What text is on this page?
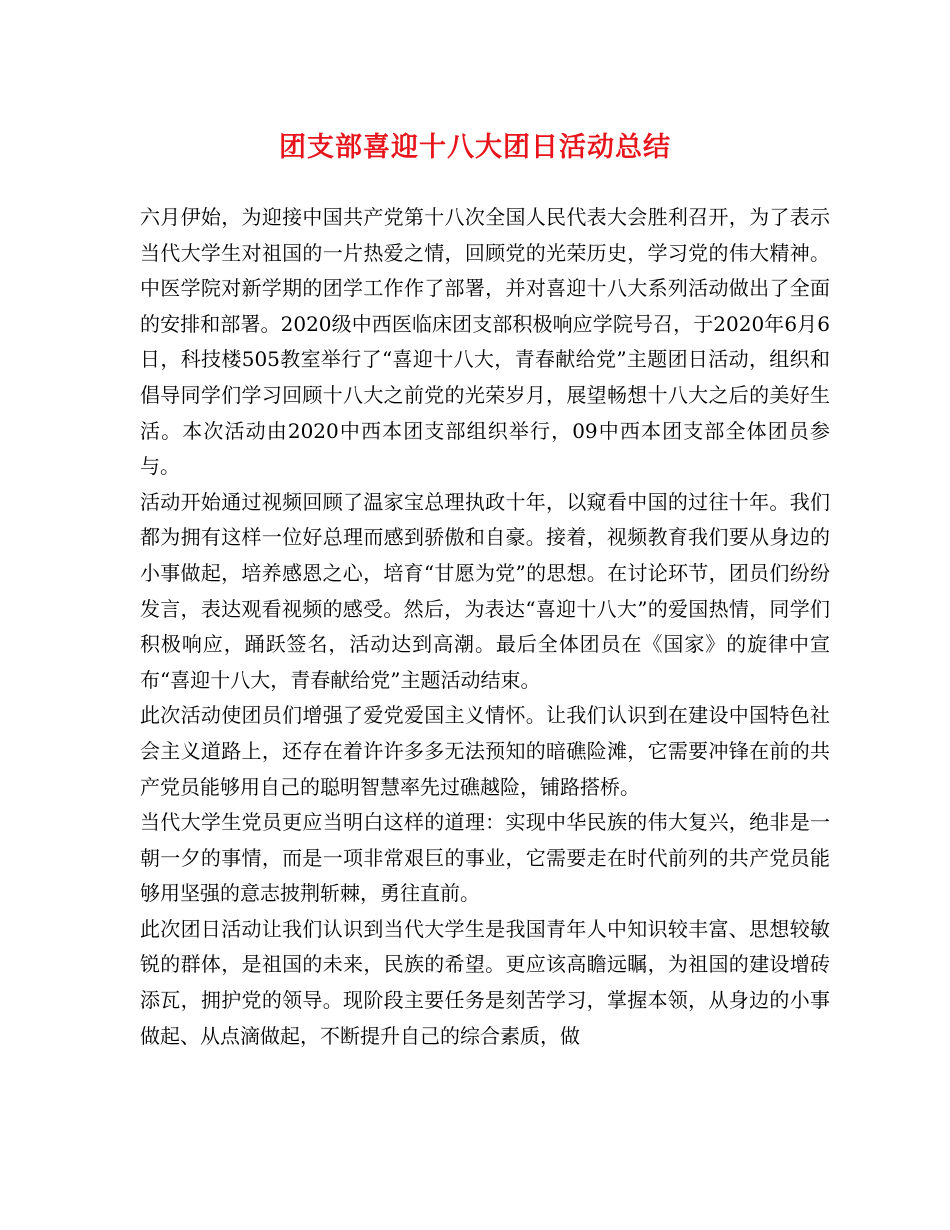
团支部喜迎十八大团日活动总结

六月伊始，为迎接中国共产党第十八次全国人民代表大会胜利召开，为了表示当代大学生对祖国的一片热爱之情，回顾党的光荣历史，学习党的伟大精神。中医学院对新学期的团学工作作了部署，并对喜迎十八大系列活动做出了全面的安排和部署。2020级中西医临床团支部积极响应学院号召，于2020年6月6日，科技楼505教室举行了“喜迎十八大，青春献给党”主题团日活动，组织和倡导同学们学习回顾十八大之前党的光荣岁月，展望畅想十八大之后的美好生活。本次活动由2020中西本团支部组织举行，09中西本团支部全体团员参与。

活动开始通过视频回顾了温家宝总理执政十年，以窥看中国的过往十年。我们都为拥有这样一位好总理而感到骄傲和自豪。接着，视频教育我们要从身边的小事做起，培养感恩之心，培育“甘愿为党”的思想。在讨论环节，团员们纷纷发言，表达观看视频的感受。然后，为表达“喜迎十八大”的爱国热情，同学们积极响应，踊跃签名，活动达到高潮。最后全体团员在《国家》的旋律中宣布“喜迎十八大，青春献给党”主题活动结束。

此次活动使团员们增强了爱党爱国主义情怀。让我们认识到在建设中国特色社会主义道路上，还存在着许许多多无法预知的暗礁险滩，它需要冲锋在前的共产党员能够用自己的聪明智慧率先过礁越险，铺路搭桥。

当代大学生党员更应当明白这样的道理：实现中华民族的伟大复兴，绝非是一朝一夕的事情，而是一项非常艰巨的事业，它需要走在时代前列的共产党员能够用坚强的意志披荆斩棘，勇往直前。

此次团日活动让我们认识到当代大学生是我国青年人中知识较丰富、思想较敏锐的群体，是祖国的未来，民族的希望。更应该高瞻远瞩，为祖国的建设增砖添瓦，拥护党的领导。现阶段主要任务是刻苦学习，掌握本领，从身边的小事做起、从点滴做起，不断提升自己的综合素质，做
